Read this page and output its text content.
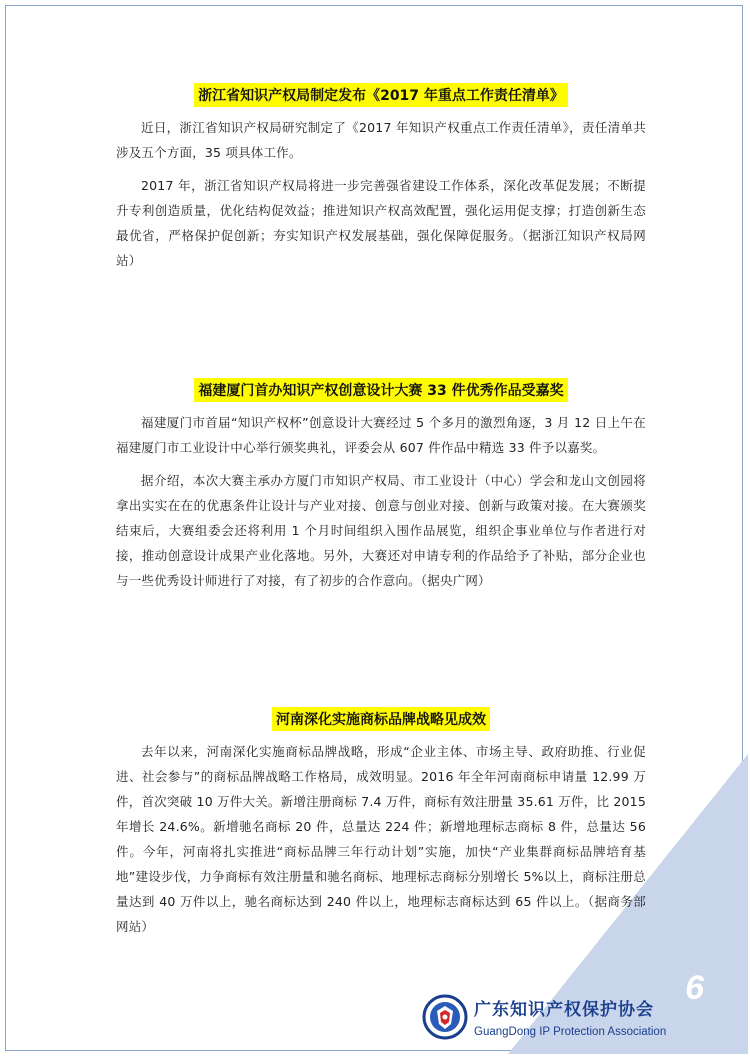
浙江省知识产权局制定发布《2017 年重点工作责任清单》

近日，浙江省知识产权局研究制定了《2017 年知识产权重点工作责任清单》，责任清单共涉及五个方面，35 项具体工作。

2017 年，浙江省知识产权局将进一步完善强省建设工作体系，深化改革促发展；不断提升专利创造质量，优化结构促效益；推进知识产权高效配置，强化运用促支撑；打造创新生态最优省，严格保护促创新；夯实知识产权发展基础，强化保障促服务。（据浙江知识产权局网站）

福建厦门首办知识产权创意设计大赛 33 件优秀作品受嘉奖

福建厦门市首届“知识产权杯”创意设计大赛经过 5 个多月的激烈角逐，3 月 12 日上午在福建厦门市工业设计中心举行颁奖典礼，评委会从 607 件作品中精选 33 件予以嘉奖。

据介绍，本次大赛主承办方厦门市知识产权局、市工业设计（中心）学会和龙山文创园将拿出实实在在的优惠条件让设计与产业对接、创意与创业对接、创新与政策对接。在大赛颁奖结束后，大赛组委会还将利用 1 个月时间组织入围作品展览，组织企事业单位与作者进行对接，推动创意设计成果产业化落地。另外，大赛还对申请专利的作品给予了补贴，部分企业也与一些优秀设计师进行了对接，有了初步的合作意向。（据央广网）

河南深化实施商标品牌战略见成效

去年以来，河南深化实施商标品牌战略，形成“企业主体、市场主导、政府助推、行业促进、社会参与”的商标品牌战略工作格局，成效明显。2016 年全年河南商标申请量 12.99 万件，首次突破 10 万件大关。新增注册商标 7.4 万件，商标有效注册量 35.61 万件，比 2015 年增长 24.6%。新增驰名商标 20 件，总量达 224 件；新增地理标志商标 8 件，总量达 56 件。今年，河南将扎实推进“商标品牌三年行动计划”实施，加快“产业集群商标品牌培育基地”建设步伐，力争商标有效注册量和驰名商标、地理标志商标分别增长 5%以上，商标注册总量达到 40 万件以上，驰名商标达到 240 件以上，地理标志商标达到 65 件以上。（据商务部网站）

6
广东知识产权保护协会
GuangDong IP Protection Association
